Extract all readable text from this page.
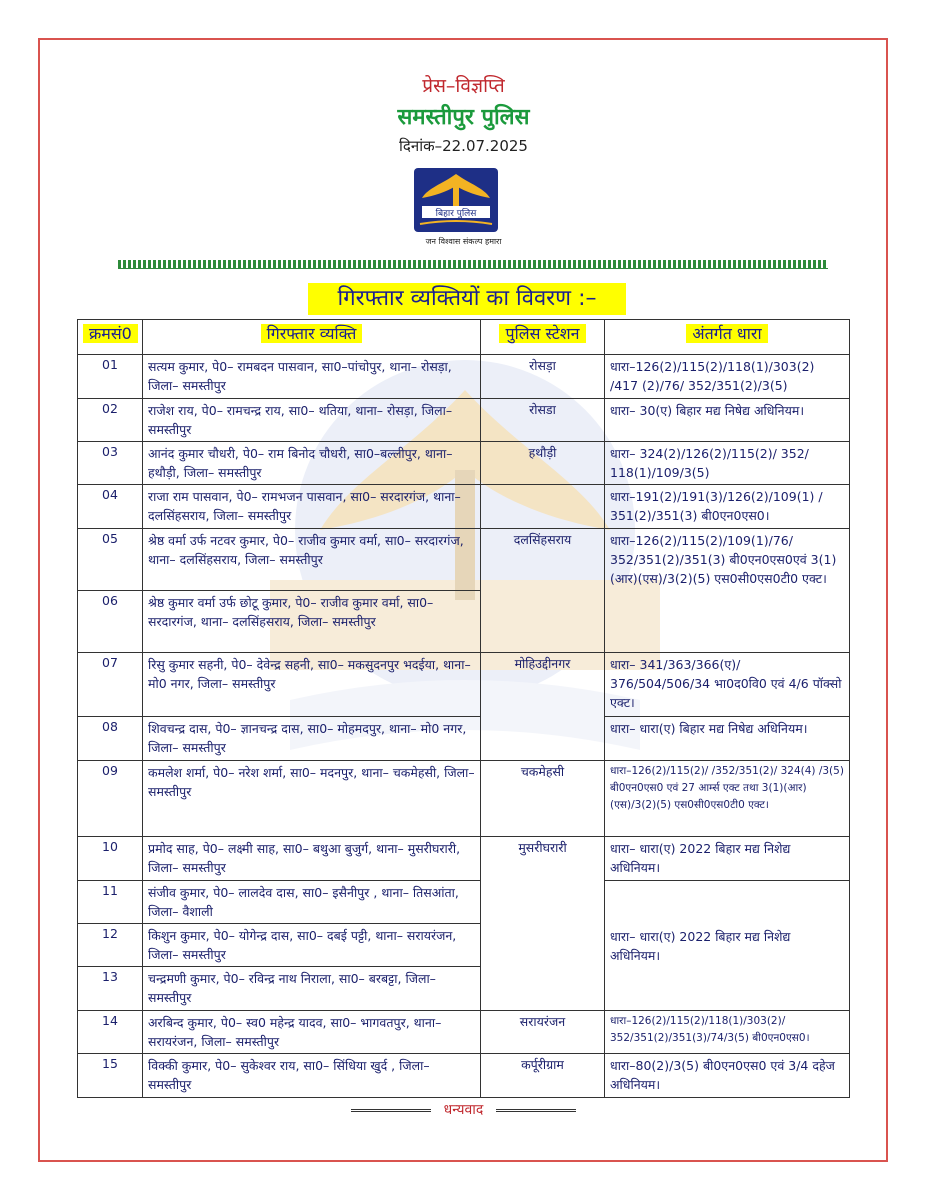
प्रेस–विज्ञप्ति
समस्तीपुर पुलिस
दिनांक–22.07.2025
बिहार पुलिस
जन विश्वास संकल्प हमारा
गिरफ्तार व्यक्तियों का विवरण :–
क्रमसं0	गिरफ्तार व्यक्ति	पुलिस स्टेशन	अंतर्गत धारा
01	सत्यम कुमार, पे0– रामबदन पासवान, सा0–पांचोपुर, थाना– रोसड़ा, जिला– समस्तीपुर	रोसड़ा	धारा–126(2)/115(2)/118(1)/303(2) /417 (2)/76/ 352/351(2)/3(5)
02	राजेश राय, पे0– रामचन्द्र राय, सा0– थतिया, थाना– रोसड़ा, जिला– समस्तीपुर	रोसडा	धारा– 30(ए) बिहार मद्य निषेद्य अधिनियम।
03	आनंद कुमार चौधरी, पे0– राम बिनोद चौधरी, सा0–बल्लीपुर, थाना– हथौड़ी, जिला– समस्तीपुर	हथौड़ी	धारा– 324(2)/126(2)/115(2)/ 352/ 118(1)/109/3(5)
04	राजा राम पासवान, पे0– रामभजन पासवान, सा0– सरदारगंज, थाना– दलसिंहसराय, जिला– समस्तीपुर		धारा–191(2)/191(3)/126(2)/109(1) / 351(2)/351(3) बी0एन0एस0।
05	श्रेष्ठ वर्मा उर्फ नटवर कुमार, पे0– राजीव कुमार वर्मा, सा0– सरदारगंज, थाना– दलसिंहसराय, जिला– समस्तीपुर	दलसिंहसराय	धारा–126(2)/115(2)/109(1)/76/ 352/351(2)/351(3) बी0एन0एस0एवं 3(1)(आर)(एस)/3(2)(5) एस0सी0एस0टी0 एक्ट।
06	श्रेष्ठ कुमार वर्मा उर्फ छोटू कुमार, पे0– राजीव कुमार वर्मा, सा0– सरदारगंज, थाना– दलसिंहसराय, जिला– समस्तीपुर		
07	रिसु कुमार सहनी, पे0– देवेन्द्र सहनी, सा0– मकसुदनपुर भदईया, थाना– मो0 नगर, जिला– समस्तीपुर	मोहिउद्दीनगर	धारा– 341/363/366(ए)/ 376/504/506/34 भा0द0वि0 एवं 4/6 पॉक्सो एक्ट।
08	शिवचन्द्र दास, पे0– ज्ञानचन्द्र दास, सा0– मोहमदपुर, थाना– मो0 नगर, जिला– समस्तीपुर		धारा– धारा(ए) बिहार मद्य निषेद्य अधिनियम।
09	कमलेश शर्मा, पे0– नरेश शर्मा, सा0– मदनपुर, थाना– चकमेहसी, जिला– समस्तीपुर	चकमेहसी	धारा–126(2)/115(2)/ /352/351(2)/ 324(4) /3(5) बी0एन0एस0 एवं 27 आर्म्स एक्ट तथा 3(1)(आर)(एस)/3(2)(5) एस0सी0एस0टी0 एक्ट।
10	प्रमोद साह, पे0– लक्ष्मी साह, सा0– बथुआ बुजुर्ग, थाना– मुसरीघरारी, जिला– समस्तीपुर	मुसरीघरारी	धारा– धारा(ए) 2022 बिहार मद्य निशेद्य अधिनियम।
11	संजीव कुमार, पे0– लालदेव दास, सा0– इसैनीपुर , थाना– तिसआंता, जिला– वैशाली		धारा– धारा(ए) 2022 बिहार मद्य निशेद्य अधिनियम।
12	किशुन कुमार, पे0– योगेन्द्र दास, सा0– दबई पट्टी, थाना– सरायरंजन, जिला– समस्तीपुर		
13	चन्द्रमणी कुमार, पे0– रविन्द्र नाथ निराला, सा0– बरबट्टा, जिला– समस्तीपुर		
14	अरबिन्द कुमार, पे0– स्व0 महेन्द्र यादव, सा0– भागवतपुर, थाना– सरायरंजन, जिला– समस्तीपुर	सरायरंजन	धारा–126(2)/115(2)/118(1)/303(2)/ 352/351(2)/351(3)/74/3(5) बी0एन0एस0।
15	विक्की कुमार, पे0– सुकेश्वर राय, सा0– सिंधिया खुर्द , जिला– समस्तीपुर	कर्पूरीग्राम	धारा–80(2)/3(5) बी0एन0एस0 एवं 3/4 दहेज अधिनियम।
धन्यवाद
